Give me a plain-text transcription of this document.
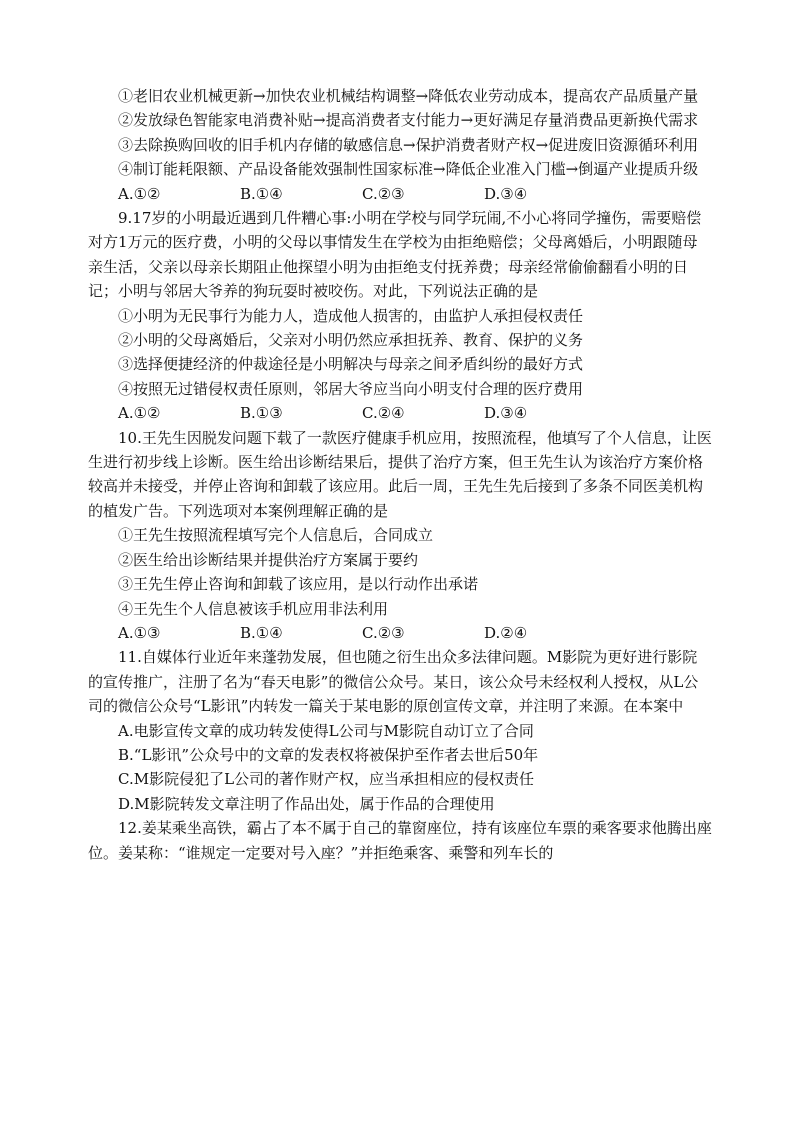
①老旧农业机械更新→加快农业机械结构调整→降低农业劳动成本，提高农产品质量产量

②发放绿色智能家电消费补贴→提高消费者支付能力→更好满足存量消费品更新换代需求

③去除换购回收的旧手机内存储的敏感信息→保护消费者财产权→促进废旧资源循环利用

④制订能耗限额、产品设备能效强制性国家标准→降低企业准入门槛→倒逼产业提质升级

A.①②	B.①④	C.②③	D.③④

9.17岁的小明最近遇到几件糟心事:小明在学校与同学玩闹,不小心将同学撞伤，需要赔偿对方1万元的医疗费，小明的父母以事情发生在学校为由拒绝赔偿；父母离婚后，小明跟随母亲生活，父亲以母亲长期阻止他探望小明为由拒绝支付抚养费；母亲经常偷偷翻看小明的日记；小明与邻居大爷养的狗玩耍时被咬伤。对此，下列说法正确的是

①小明为无民事行为能力人，造成他人损害的，由监护人承担侵权责任

②小明的父母离婚后，父亲对小明仍然应承担抚养、教育、保护的义务

③选择便捷经济的仲裁途径是小明解决与母亲之间矛盾纠纷的最好方式

④按照无过错侵权责任原则，邻居大爷应当向小明支付合理的医疗费用

A.①②	B.①③	C.②④	D.③④

10.王先生因脱发问题下载了一款医疗健康手机应用，按照流程，他填写了个人信息，让医生进行初步线上诊断。医生给出诊断结果后，提供了治疗方案，但王先生认为该治疗方案价格较高并未接受，并停止咨询和卸载了该应用。此后一周，王先生先后接到了多条不同医美机构的植发广告。下列选项对本案例理解正确的是

①王先生按照流程填写完个人信息后，合同成立

②医生给出诊断结果并提供治疗方案属于要约

③王先生停止咨询和卸载了该应用，是以行动作出承诺

④王先生个人信息被该手机应用非法利用

A.①③	B.①④	C.②③	D.②④

11.自媒体行业近年来蓬勃发展，但也随之衍生出众多法律问题。M影院为更好进行影院的宣传推广，注册了名为“春天电影”的微信公众号。某日，该公众号未经权利人授权，从L公司的微信公众号“L影讯”内转发一篇关于某电影的原创宣传文章，并注明了来源。在本案中

A.电影宣传文章的成功转发使得L公司与M影院自动订立了合同

B.“L影讯”公众号中的文章的发表权将被保护至作者去世后50年

C.M影院侵犯了L公司的著作财产权，应当承担相应的侵权责任

D.M影院转发文章注明了作品出处，属于作品的合理使用

12.姜某乘坐高铁，霸占了本不属于自己的靠窗座位，持有该座位车票的乘客要求他腾出座位。姜某称：“谁规定一定要对号入座？”并拒绝乘客、乘警和列车长的
